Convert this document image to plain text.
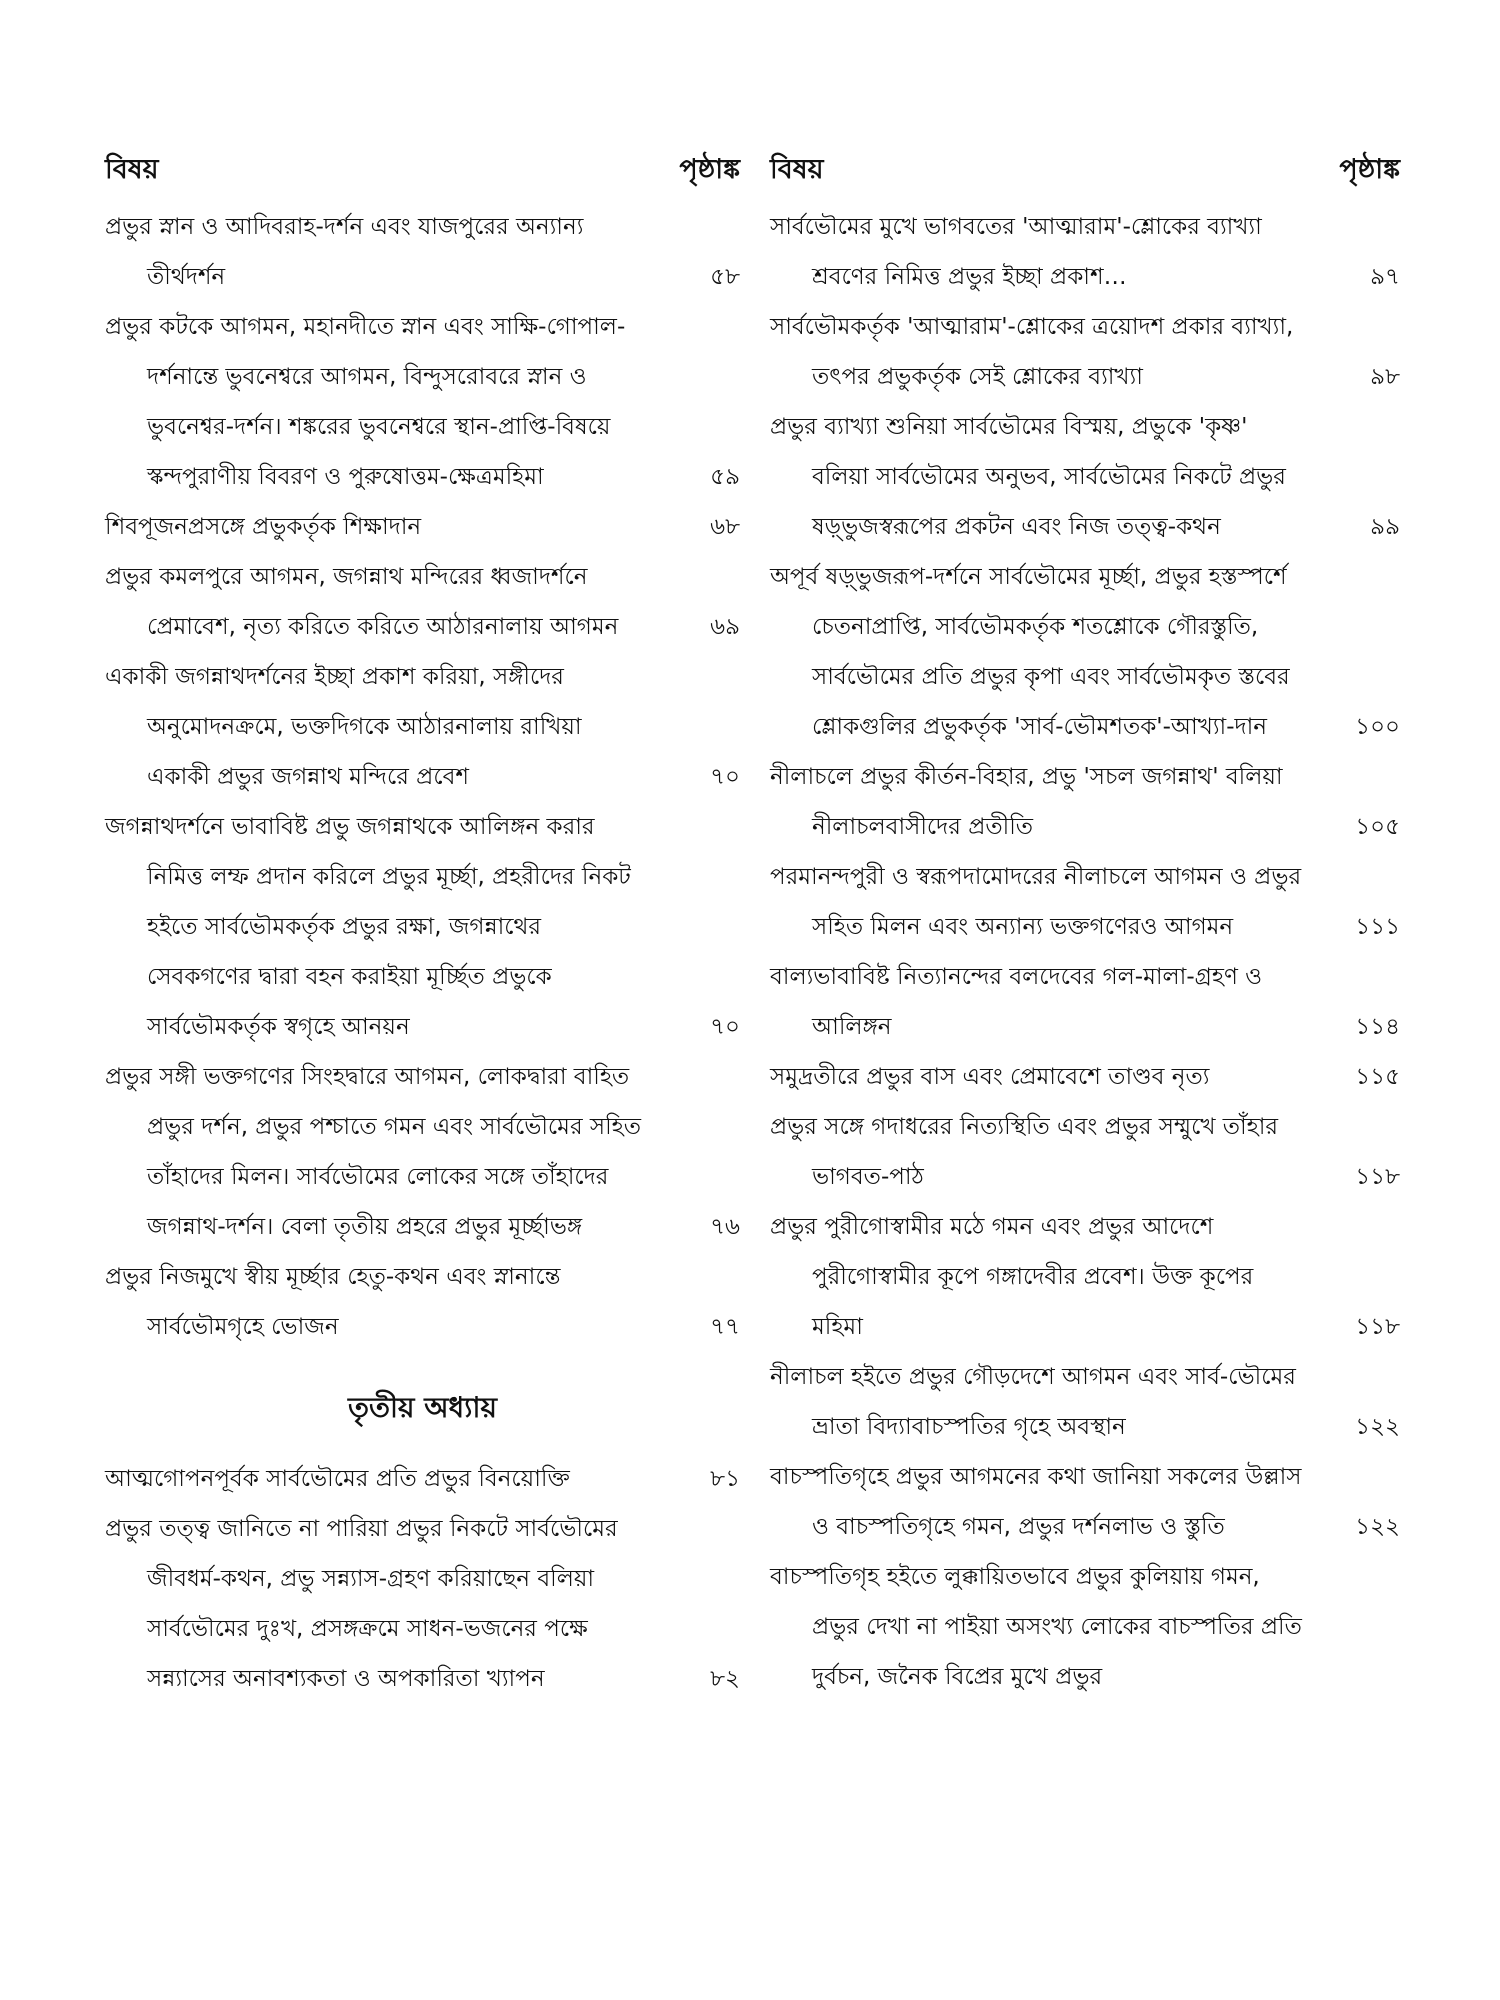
বিষয়	পৃষ্ঠাঙ্ক
প্রভুর স্নান ও আদিবরাহ-দর্শন এবং যাজপুরের অন্যান্য তীর্থদর্শন	৫৮
প্রভুর কটকে আগমন, মহানদীতে স্নান এবং সাক্ষি-গোপাল-দর্শনান্তে ভুবনেশ্বরে আগমন, বিন্দুসরোবরে স্নান ও ভুবনেশ্বর-দর্শন। শঙ্করের ভুবনেশ্বরে স্থান-প্রাপ্তি-বিষয়ে স্কন্দপুরাণীয় বিবরণ ও পুরুষোত্তম-ক্ষেত্রমহিমা	৫৯
শিবপূজনপ্রসঙ্গে প্রভুকর্তৃক শিক্ষাদান	৬৮
প্রভুর কমলপুরে আগমন, জগন্নাথ মন্দিরের ধ্বজাদর্শনে প্রেমাবেশ, নৃত্য করিতে করিতে আঠারনালায় আগমন	৬৯
একাকী জগন্নাথদর্শনের ইচ্ছা প্রকাশ করিয়া, সঙ্গীদের অনুমোদনক্রমে, ভক্তদিগকে আঠারনালায় রাখিয়া একাকী প্রভুর জগন্নাথ মন্দিরে প্রবেশ	৭০
জগন্নাথদর্শনে ভাবাবিষ্ট প্রভু জগন্নাথকে আলিঙ্গন করার নিমিত্ত লম্ফ প্রদান করিলে প্রভুর মূর্চ্ছা, প্রহরীদের নিকট হইতে সার্বভৌমকর্তৃক প্রভুর রক্ষা, জগন্নাথের সেবকগণের দ্বারা বহন করাইয়া মূর্চ্ছিত প্রভুকে সার্বভৌমকর্তৃক স্বগৃহে আনয়ন	৭০
প্রভুর সঙ্গী ভক্তগণের সিংহদ্বারে আগমন, লোকদ্বারা বাহিত প্রভুর দর্শন, প্রভুর পশ্চাতে গমন এবং সার্বভৌমের সহিত তাঁহাদের মিলন। সার্বভৌমের লোকের সঙ্গে তাঁহাদের জগন্নাথ-দর্শন। বেলা তৃতীয় প্রহরে প্রভুর মূর্চ্ছাভঙ্গ	৭৬
প্রভুর নিজমুখে স্বীয় মূর্চ্ছার হেতু-কথন এবং স্নানান্তে সার্বভৌমগৃহে ভোজন	৭৭
তৃতীয় অধ্যায়
আত্মগোপনপূর্বক সার্বভৌমের প্রতি প্রভুর বিনয়োক্তি	৮১
প্রভুর তত্ত্ব জানিতে না পারিয়া প্রভুর নিকটে সার্বভৌমের জীবধর্ম-কথন, প্রভু সন্ন্যাস-গ্রহণ করিয়াছেন বলিয়া সার্বভৌমের দুঃখ, প্রসঙ্গক্রমে সাধন-ভজনের পক্ষে সন্ন্যাসের অনাবশ্যকতা ও অপকারিতা খ্যাপন	৮২
বিষয়	পৃষ্ঠাঙ্ক
সার্বভৌমের মুখে ভাগবতের 'আত্মারাম'-শ্লোকের ব্যাখ্যা শ্রবণের নিমিত্ত প্রভুর ইচ্ছা প্রকাশ…	৯৭
সার্বভৌমকর্তৃক 'আত্মারাম'-শ্লোকের ত্রয়োদশ প্রকার ব্যাখ্যা, তৎপর প্রভুকর্তৃক সেই শ্লোকের ব্যাখ্যা	৯৮
প্রভুর ব্যাখ্যা শুনিয়া সার্বভৌমের বিস্ময়, প্রভুকে 'কৃষ্ণ' বলিয়া সার্বভৌমের অনুভব, সার্বভৌমের নিকটে প্রভুর ষড়্‌ভুজস্বরূপের প্রকটন এবং নিজ তত্ত্ব-কথন	৯৯
অপূর্ব ষড়্‌ভুজরূপ-দর্শনে সার্বভৌমের মূর্চ্ছা, প্রভুর হস্তস্পর্শে চেতনাপ্রাপ্তি, সার্বভৌমকর্তৃক শতশ্লোকে গৌরস্তুতি, সার্বভৌমের প্রতি প্রভুর কৃপা এবং সার্বভৌমকৃত স্তবের শ্লোকগুলির প্রভুকর্তৃক 'সার্ব-ভৌমশতক'-আখ্যা-দান	১০০
নীলাচলে প্রভুর কীর্তন-বিহার, প্রভু 'সচল জগন্নাথ' বলিয়া নীলাচলবাসীদের প্রতীতি	১০৫
পরমানন্দপুরী ও স্বরূপদামোদরের নীলাচলে আগমন ও প্রভুর সহিত মিলন এবং অন্যান্য ভক্তগণেরও আগমন	১১১
বাল্যভাবাবিষ্ট নিত্যানন্দের বলদেবের গল-মালা-গ্রহণ ও আলিঙ্গন	১১৪
সমুদ্রতীরে প্রভুর বাস এবং প্রেমাবেশে তাণ্ডব নৃত্য	১১৫
প্রভুর সঙ্গে গদাধরের নিত্যস্থিতি এবং প্রভুর সম্মুখে তাঁহার ভাগবত-পাঠ	১১৮
প্রভুর পুরীগোস্বামীর মঠে গমন এবং প্রভুর আদেশে পুরীগোস্বামীর কূপে গঙ্গাদেবীর প্রবেশ। উক্ত কূপের মহিমা	১১৮
নীলাচল হইতে প্রভুর গৌড়দেশে আগমন এবং সার্ব-ভৌমের ভ্রাতা বিদ্যাবাচস্পতির গৃহে অবস্থান	১২২
বাচস্পতিগৃহে প্রভুর আগমনের কথা জানিয়া সকলের উল্লাস ও বাচস্পতিগৃহে গমন, প্রভুর দর্শনলাভ ও স্তুতি	১২২
বাচস্পতিগৃহ হইতে লুক্কায়িতভাবে প্রভুর কুলিয়ায় গমন, প্রভুর দেখা না পাইয়া অসংখ্য লোকের বাচস্পতির প্রতি দুর্বচন, জনৈক বিপ্রের মুখে প্রভুর
